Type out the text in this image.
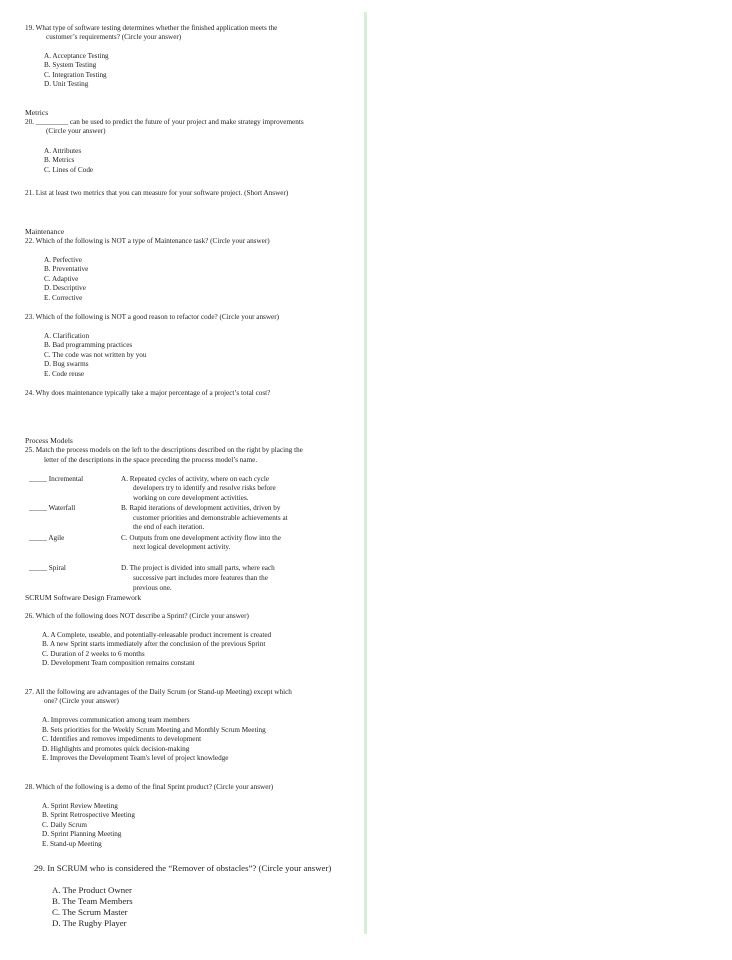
19. What type of software testing determines whether the finished application meets the
customer’s requirements? (Circle your answer)
A. Acceptance Testing
B. System Testing
C. Integration Testing
D. Unit Testing
Metrics
20. _________ can be used to predict the future of your project and make strategy improvements
(Circle your answer)
A. Attributes
B. Metrics
C. Lines of Code
21. List at least two metrics that you can measure for your software project. (Short Answer)
Maintenance
22. Which of the following is NOT a type of Maintenance task? (Circle your answer)
A. Perfective
B. Preventative
C. Adaptive
D. Descriptive
E. Corrective
23. Which of the following is NOT a good reason to refactor code? (Circle your answer)
A. Clarification
B. Bad programming practices
C. The code was not written by you
D. Bug swarms
E. Code reuse
24. Why does maintenance typically take a major percentage of a project’s total cost?
Process Models
25. Match the process models on the left to the descriptions described on the right by placing the
letter of the descriptions in the space preceding the process model’s name.
_____ Incremental	A. Repeated cycles of activity, where on each cycle
developers try to identify and resolve risks before
working on core development activities.
_____ Waterfall	B. Rapid iterations of development activities, driven by
customer priorities and demonstrable achievements at
the end of each iteration.
_____ Agile	C. Outputs from one development activity flow into the
next logical development activity.
_____ Spiral	D. The project is divided into small parts, where each
successive part includes more features than the
previous one.
SCRUM Software Design Framework
26. Which of the following does NOT describe a Sprint? (Circle your answer)
A. A Complete, useable, and potentially-releasable product increment is created
B. A new Sprint starts immediately after the conclusion of the previous Sprint
C. Duration of 2 weeks to 6 months
D. Development Team composition remains constant
27. All the following are advantages of the Daily Scrum (or Stand-up Meeting) except which
one? (Circle your answer)
A. Improves communication among team members
B. Sets priorities for the Weekly Scrum Meeting and Monthly Scrum Meeting
C. Identifies and removes impediments to development
D. Highlights and promotes quick decision-making
E. Improves the Development Team's level of project knowledge
28. Which of the following is a demo of the final Sprint product? (Circle your answer)
A. Sprint Review Meeting
B. Sprint Retrospective Meeting
C. Daily Scrum
D. Sprint Planning Meeting
E. Stand-up Meeting
29. In SCRUM who is considered the “Remover of obstacles”? (Circle your answer)
A. The Product Owner
B. The Team Members
C. The Scrum Master
D. The Rugby Player
